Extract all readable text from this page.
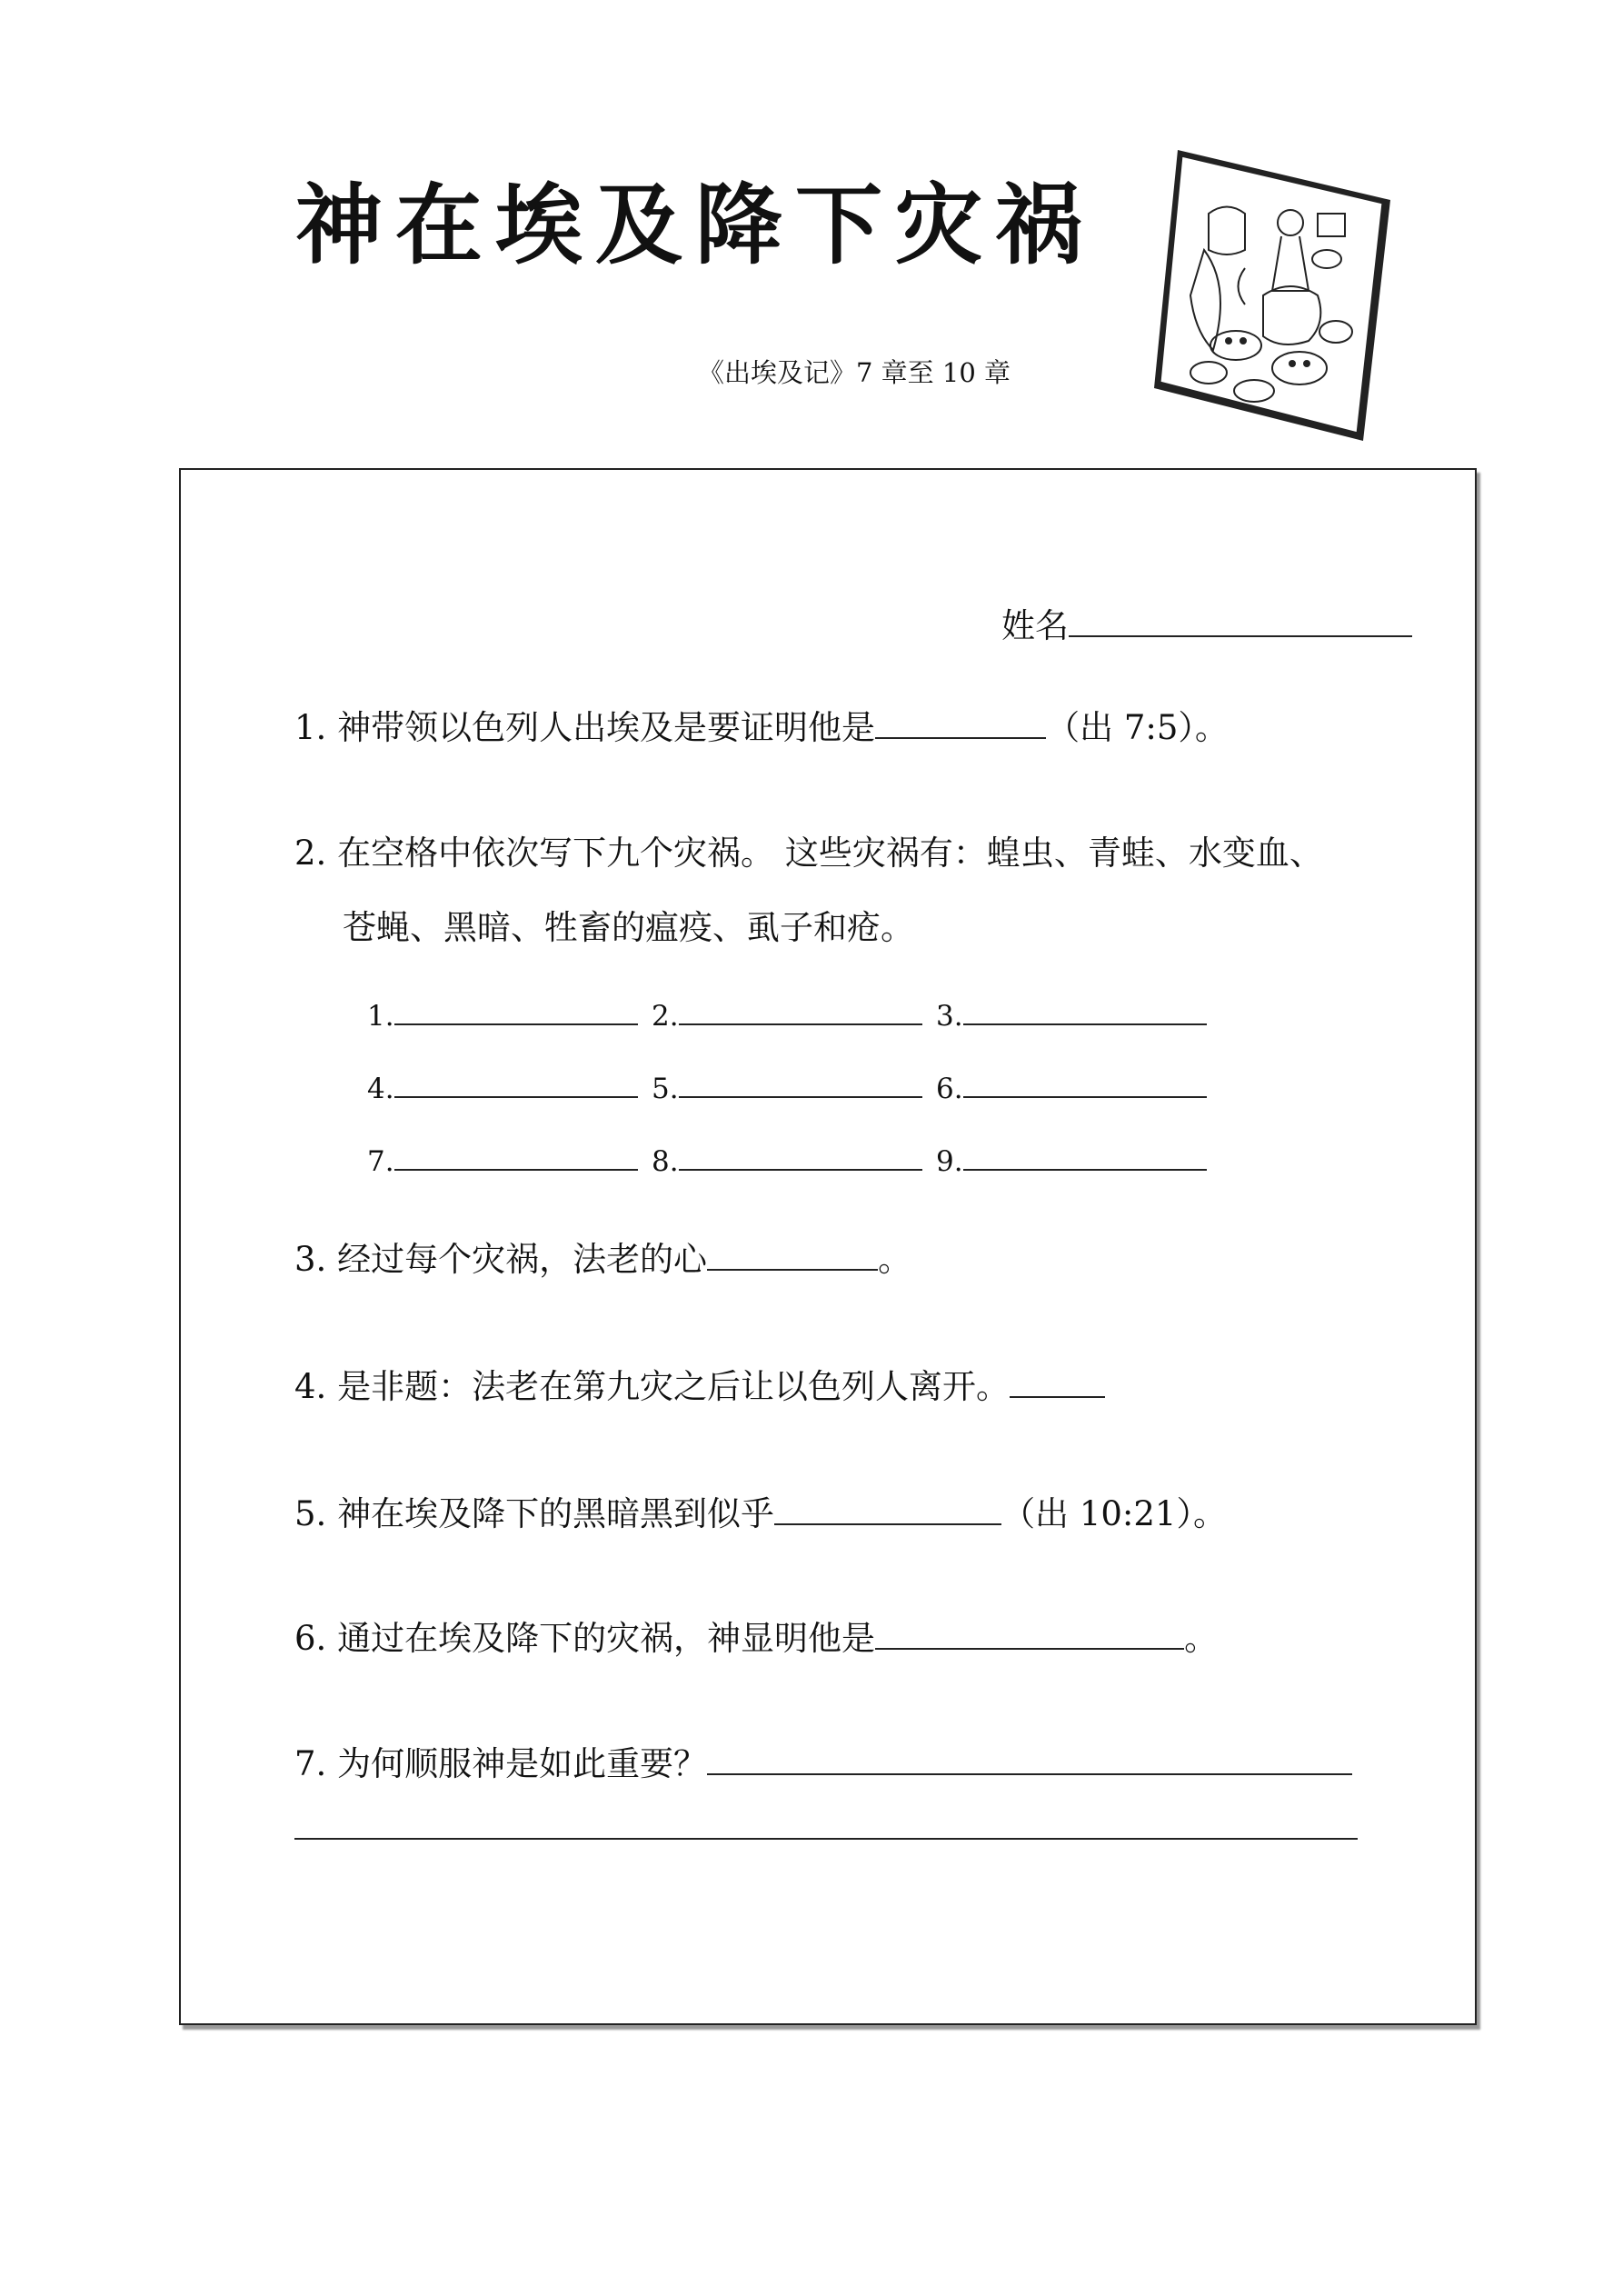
神在埃及降下灾祸
《出埃及记》7 章至 10 章
姓名
1. 神带领以色列人出埃及是要证明他是	（出 7:5）。
2. 在空格中依次写下九个灾祸。 这些灾祸有：蝗虫、青蛙、水变血、
苍蝇、黑暗、牲畜的瘟疫、虱子和疮。
1.	2.	3.
4.	5.	6.
7.	8.	9.
3. 经过每个灾祸，法老的心	。
4. 是非题：法老在第九灾之后让以色列人离开。
5. 神在埃及降下的黑暗黑到似乎	（出 10:21）。
6. 通过在埃及降下的灾祸，神显明他是	。
7. 为何顺服神是如此重要？
